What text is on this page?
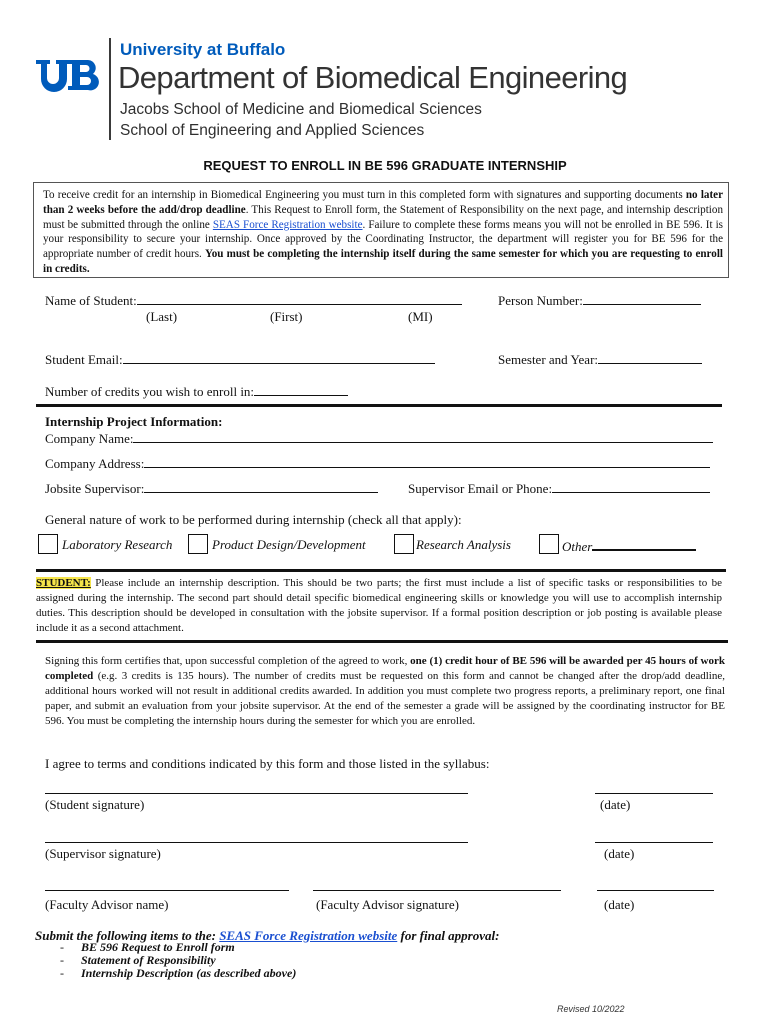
University at Buffalo
Department of Biomedical Engineering
Jacobs School of Medicine and Biomedical Sciences
School of Engineering and Applied Sciences
REQUEST TO ENROLL IN BE 596 GRADUATE INTERNSHIP
To receive credit for an internship in Biomedical Engineering you must turn in this completed form with signatures and supporting documents no later than 2 weeks before the add/drop deadline. This Request to Enroll form, the Statement of Responsibility on the next page, and internship description must be submitted through the online SEAS Force Registration website. Failure to complete these forms means you will not be enrolled in BE 596. It is your responsibility to secure your internship. Once approved by the Coordinating Instructor, the department will register you for BE 596 for the appropriate number of credit hours. You must be completing the internship itself during the same semester for which you are requesting to enroll in credits.
Name of Student:
(Last)	(First)	(MI)
Person Number:
Student Email:	Semester and Year:
Number of credits you wish to enroll in:
Internship Project Information:
Company Name:
Company Address:
Jobsite Supervisor:	Supervisor Email or Phone:
General nature of work to be performed during internship (check all that apply):
Laboratory Research	Product Design/Development	Research Analysis	Other
STUDENT: Please include an internship description. This should be two parts; the first must include a list of specific tasks or responsibilities to be assigned during the internship. The second part should detail specific biomedical engineering skills or knowledge you will use to accomplish internship duties. This description should be developed in consultation with the jobsite supervisor. If a formal position description or job posting is available please include it as a second attachment.
Signing this form certifies that, upon successful completion of the agreed to work, one (1) credit hour of BE 596 will be awarded per 45 hours of work completed (e.g. 3 credits is 135 hours). The number of credits must be requested on this form and cannot be changed after the drop/add deadline, additional hours worked will not result in additional credits awarded. In addition you must complete two progress reports, a preliminary report, one final paper, and submit an evaluation from your jobsite supervisor. At the end of the semester a grade will be assigned by the coordinating instructor for BE 596. You must be completing the internship hours during the semester for which you are enrolled.
I agree to terms and conditions indicated by this form and those listed in the syllabus:
(Student signature)	(date)
(Supervisor signature)	(date)
(Faculty Advisor name)	(Faculty Advisor signature)	(date)
Submit the following items to the: SEAS Force Registration website for final approval:
- BE 596 Request to Enroll form
- Statement of Responsibility
- Internship Description (as described above)
Revised 10/2022
